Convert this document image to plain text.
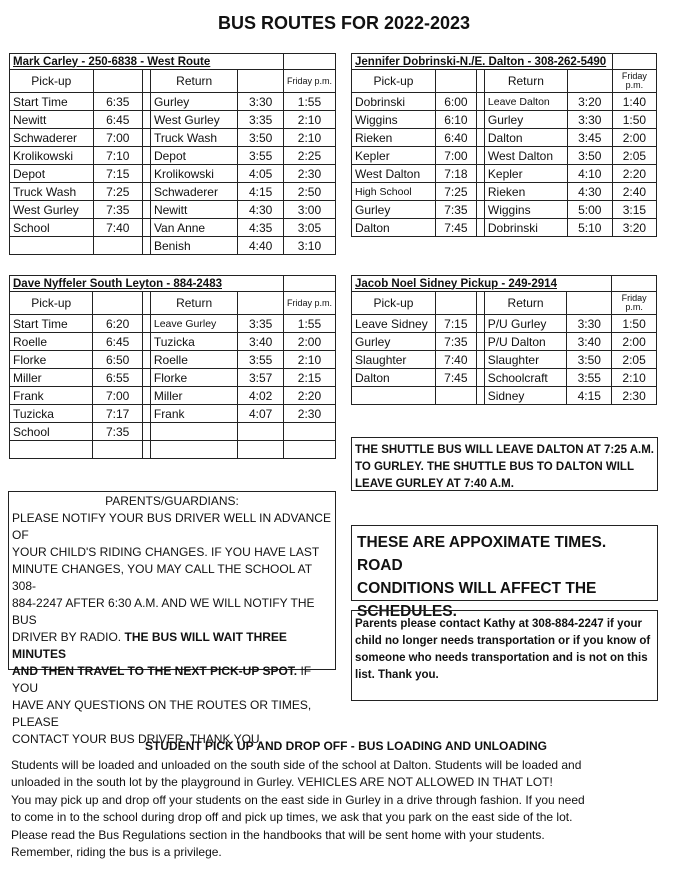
BUS ROUTES FOR 2022-2023
Mark Carley - 250-6838 - West Route					
Pick-up			Return		Friday p.m.

Start Time	6:35		Gurley	3:30	1:55
Newitt	6:45		West Gurley	3:35	2:10
Schwaderer	7:00		Truck Wash	3:50	2:10
Krolikowski	7:10		Depot	3:55	2:25
Depot	7:15		Krolikowski	4:05	2:30
Truck Wash	7:25		Schwaderer	4:15	2:50
West Gurley	7:35		Newitt	4:30	3:00
School	7:40		Van Anne	4:35	3:05
			Benish	4:40	3:10
Jennifer Dobrinski-N./E. Dalton - 308-262-5490					
Pick-up			Return		Friday
p.m.

Dobrinski	6:00		Leave Dalton	3:20	1:40
Wiggins	6:10		Gurley	3:30	1:50
Rieken	6:40		Dalton	3:45	2:00
Kepler	7:00		West Dalton	3:50	2:05
West Dalton	7:18		Kepler	4:10	2:20
High School	7:25		Rieken	4:30	2:40
Gurley	7:35		Wiggins	5:00	3:15
Dalton	7:45		Dobrinski	5:10	3:20
Dave Nyffeler South Leyton - 884-2483					
Pick-up			Return		Friday p.m.

Start Time	6:20		Leave Gurley	3:35	1:55
Roelle	6:45		Tuzicka	3:40	2:00
Florke	6:50		Roelle	3:55	2:10
Miller	6:55		Florke	3:57	2:15
Frank	7:00		Miller	4:02	2:20
Tuzicka	7:17		Frank	4:07	2:30
School	7:35				

Jacob Noel Sidney Pickup - 249-2914					
Pick-up			Return		Friday
p.m.

Leave Sidney	7:15		P/U Gurley	3:30	1:50
Gurley	7:35		P/U Dalton	3:40	2:00
Slaughter	7:40		Slaughter	3:50	2:05
Dalton	7:45		Schoolcraft	3:55	2:10
			Sidney	4:15	2:30
THE SHUTTLE BUS WILL LEAVE DALTON AT 7:25 A.M.
TO GURLEY. THE SHUTTLE BUS TO DALTON WILL
LEAVE GURLEY AT 7:40 A.M.
PARENTS/GUARDIANS:
PLEASE NOTIFY YOUR BUS DRIVER WELL IN ADVANCE OF
YOUR CHILD'S RIDING CHANGES. IF YOU HAVE LAST
MINUTE CHANGES, YOU MAY CALL THE SCHOOL AT 308-
884-2247 AFTER 6:30 A.M. AND WE WILL NOTIFY THE BUS
DRIVER BY RADIO. THE BUS WILL WAIT THREE MINUTES
AND THEN TRAVEL TO THE NEXT PICK-UP SPOT. IF YOU
HAVE ANY QUESTIONS ON THE ROUTES OR TIMES, PLEASE
CONTACT YOUR BUS DRIVER. THANK YOU.
THESE ARE APPOXIMATE TIMES. ROAD
CONDITIONS WILL AFFECT THE
SCHEDULES.
Parents please contact Kathy at 308-884-2247 if your
child no longer needs transportation or if you know of
someone who needs transportation and is not on this
list. Thank you.
STUDENT PICK UP AND DROP OFF - BUS LOADING AND UNLOADING
Students will be loaded and unloaded on the south side of the school at Dalton. Students will be loaded and
unloaded in the south lot by the playground in Gurley. VEHICLES ARE NOT ALLOWED IN THAT LOT!
You may pick up and drop off your students on the east side in Gurley in a drive through fashion. If you need
to come in to the school during drop off and pick up times, we ask that you park on the east side of the lot.
Please read the Bus Regulations section in the handbooks that will be sent home with your students.
Remember, riding the bus is a privilege.
